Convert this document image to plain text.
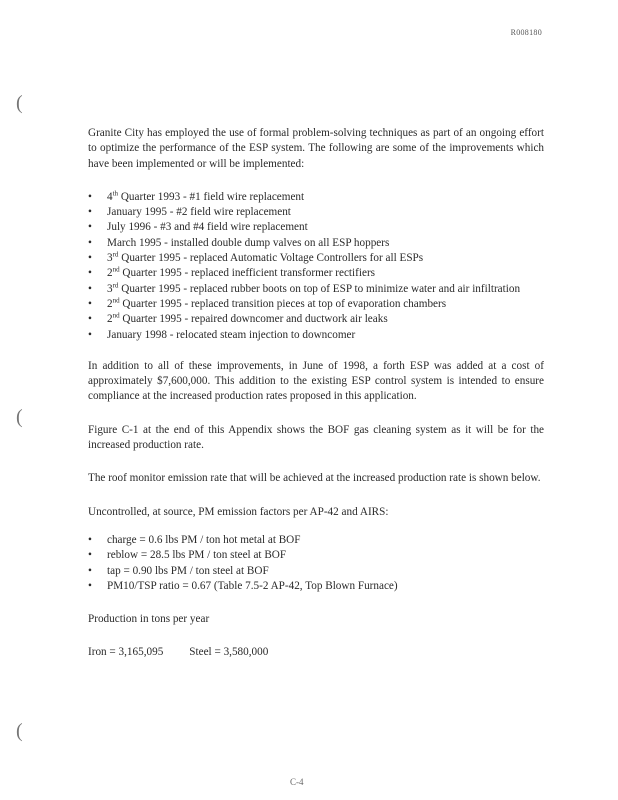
R008180
(
(
(

Granite City has employed the use of formal problem-solving techniques as part of an ongoing effort to optimize the performance of the ESP system. The following are some of the improvements which have been implemented or will be implemented:

• 4th Quarter 1993 - #1 field wire replacement
• January 1995 - #2 field wire replacement
• July 1996 - #3 and #4 field wire replacement
• March 1995 - installed double dump valves on all ESP hoppers
• 3rd Quarter 1995 - replaced Automatic Voltage Controllers for all ESPs
• 2nd Quarter 1995 - replaced inefficient transformer rectifiers
• 3rd Quarter 1995 - replaced rubber boots on top of ESP to minimize water and air infiltration
• 2nd Quarter 1995 - replaced transition pieces at top of evaporation chambers
• 2nd Quarter 1995 - repaired downcomer and ductwork air leaks
• January 1998 - relocated steam injection to downcomer

In addition to all of these improvements, in June of 1998, a forth ESP was added at a cost of approximately $7,600,000. This addition to the existing ESP control system is intended to ensure compliance at the increased production rates proposed in this application.

Figure C-1 at the end of this Appendix shows the BOF gas cleaning system as it will be for the increased production rate.

The roof monitor emission rate that will be achieved at the increased production rate is shown below.

Uncontrolled, at source, PM emission factors per AP-42 and AIRS:

• charge = 0.6 lbs PM / ton hot metal at BOF
• reblow = 28.5 lbs PM / ton steel at BOF
• tap = 0.90 lbs PM / ton steel at BOF
• PM10/TSP ratio = 0.67 (Table 7.5-2 AP-42, Top Blown Furnace)

Production in tons per year

Iron = 3,165,095 Steel = 3,580,000
C-4
